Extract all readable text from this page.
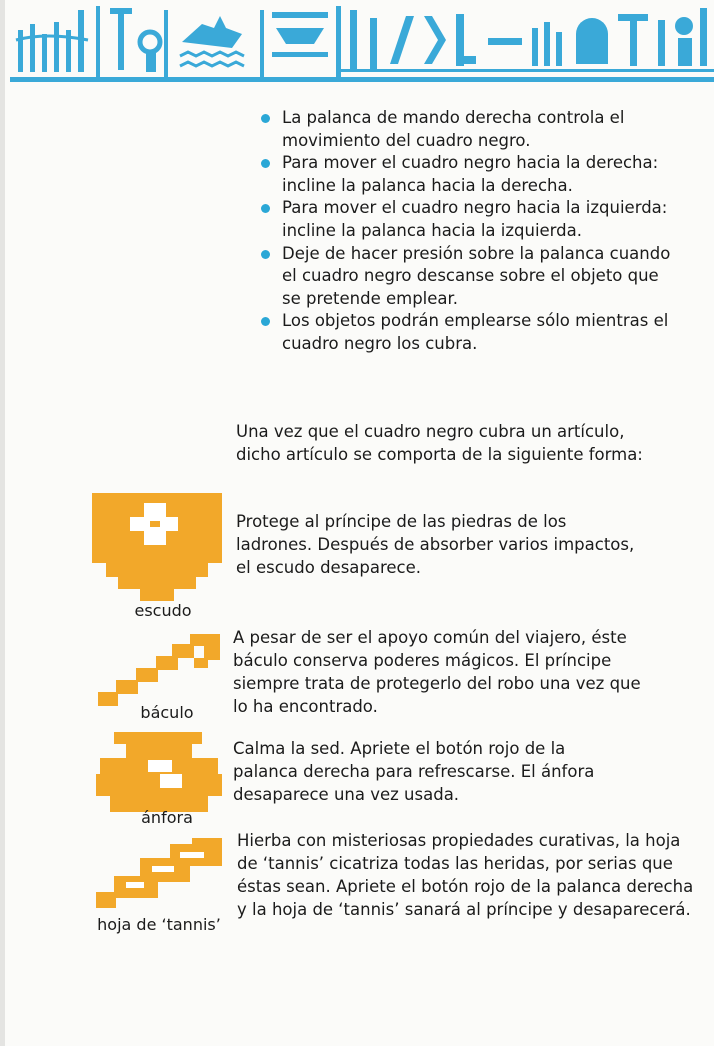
La palanca de mando derecha controla el movimiento del cuadro negro.
Para mover el cuadro negro hacia la derecha: incline la palanca hacia la derecha.
Para mover el cuadro negro hacia la izquierda: incline la palanca hacia la izquierda.
Deje de hacer presión sobre la palanca cuando el cuadro negro descanse sobre el objeto que se pretende emplear.
Los objetos podrán emplearse sólo mientras el cuadro negro los cubra.
Una vez que el cuadro negro cubra un artículo, dicho artículo se comporta de la siguiente forma:
escudo
Protege al príncipe de las piedras de los ladrones. Después de absorber varios impactos, el escudo desaparece.
báculo
A pesar de ser el apoyo común del viajero, éste báculo conserva poderes mágicos. El príncipe siempre trata de protegerlo del robo una vez que lo ha encontrado.
ánfora
Calma la sed. Apriete el botón rojo de la palanca derecha para refrescarse. El ánfora desaparece una vez usada.
hoja de ‘tannis’
Hierba con misteriosas propiedades curativas, la hoja de ‘tannis’ cicatriza todas las heridas, por serias que éstas sean. Apriete el botón rojo de la palanca derecha y la hoja de ‘tannis’ sanará al príncipe y desaparecerá.
